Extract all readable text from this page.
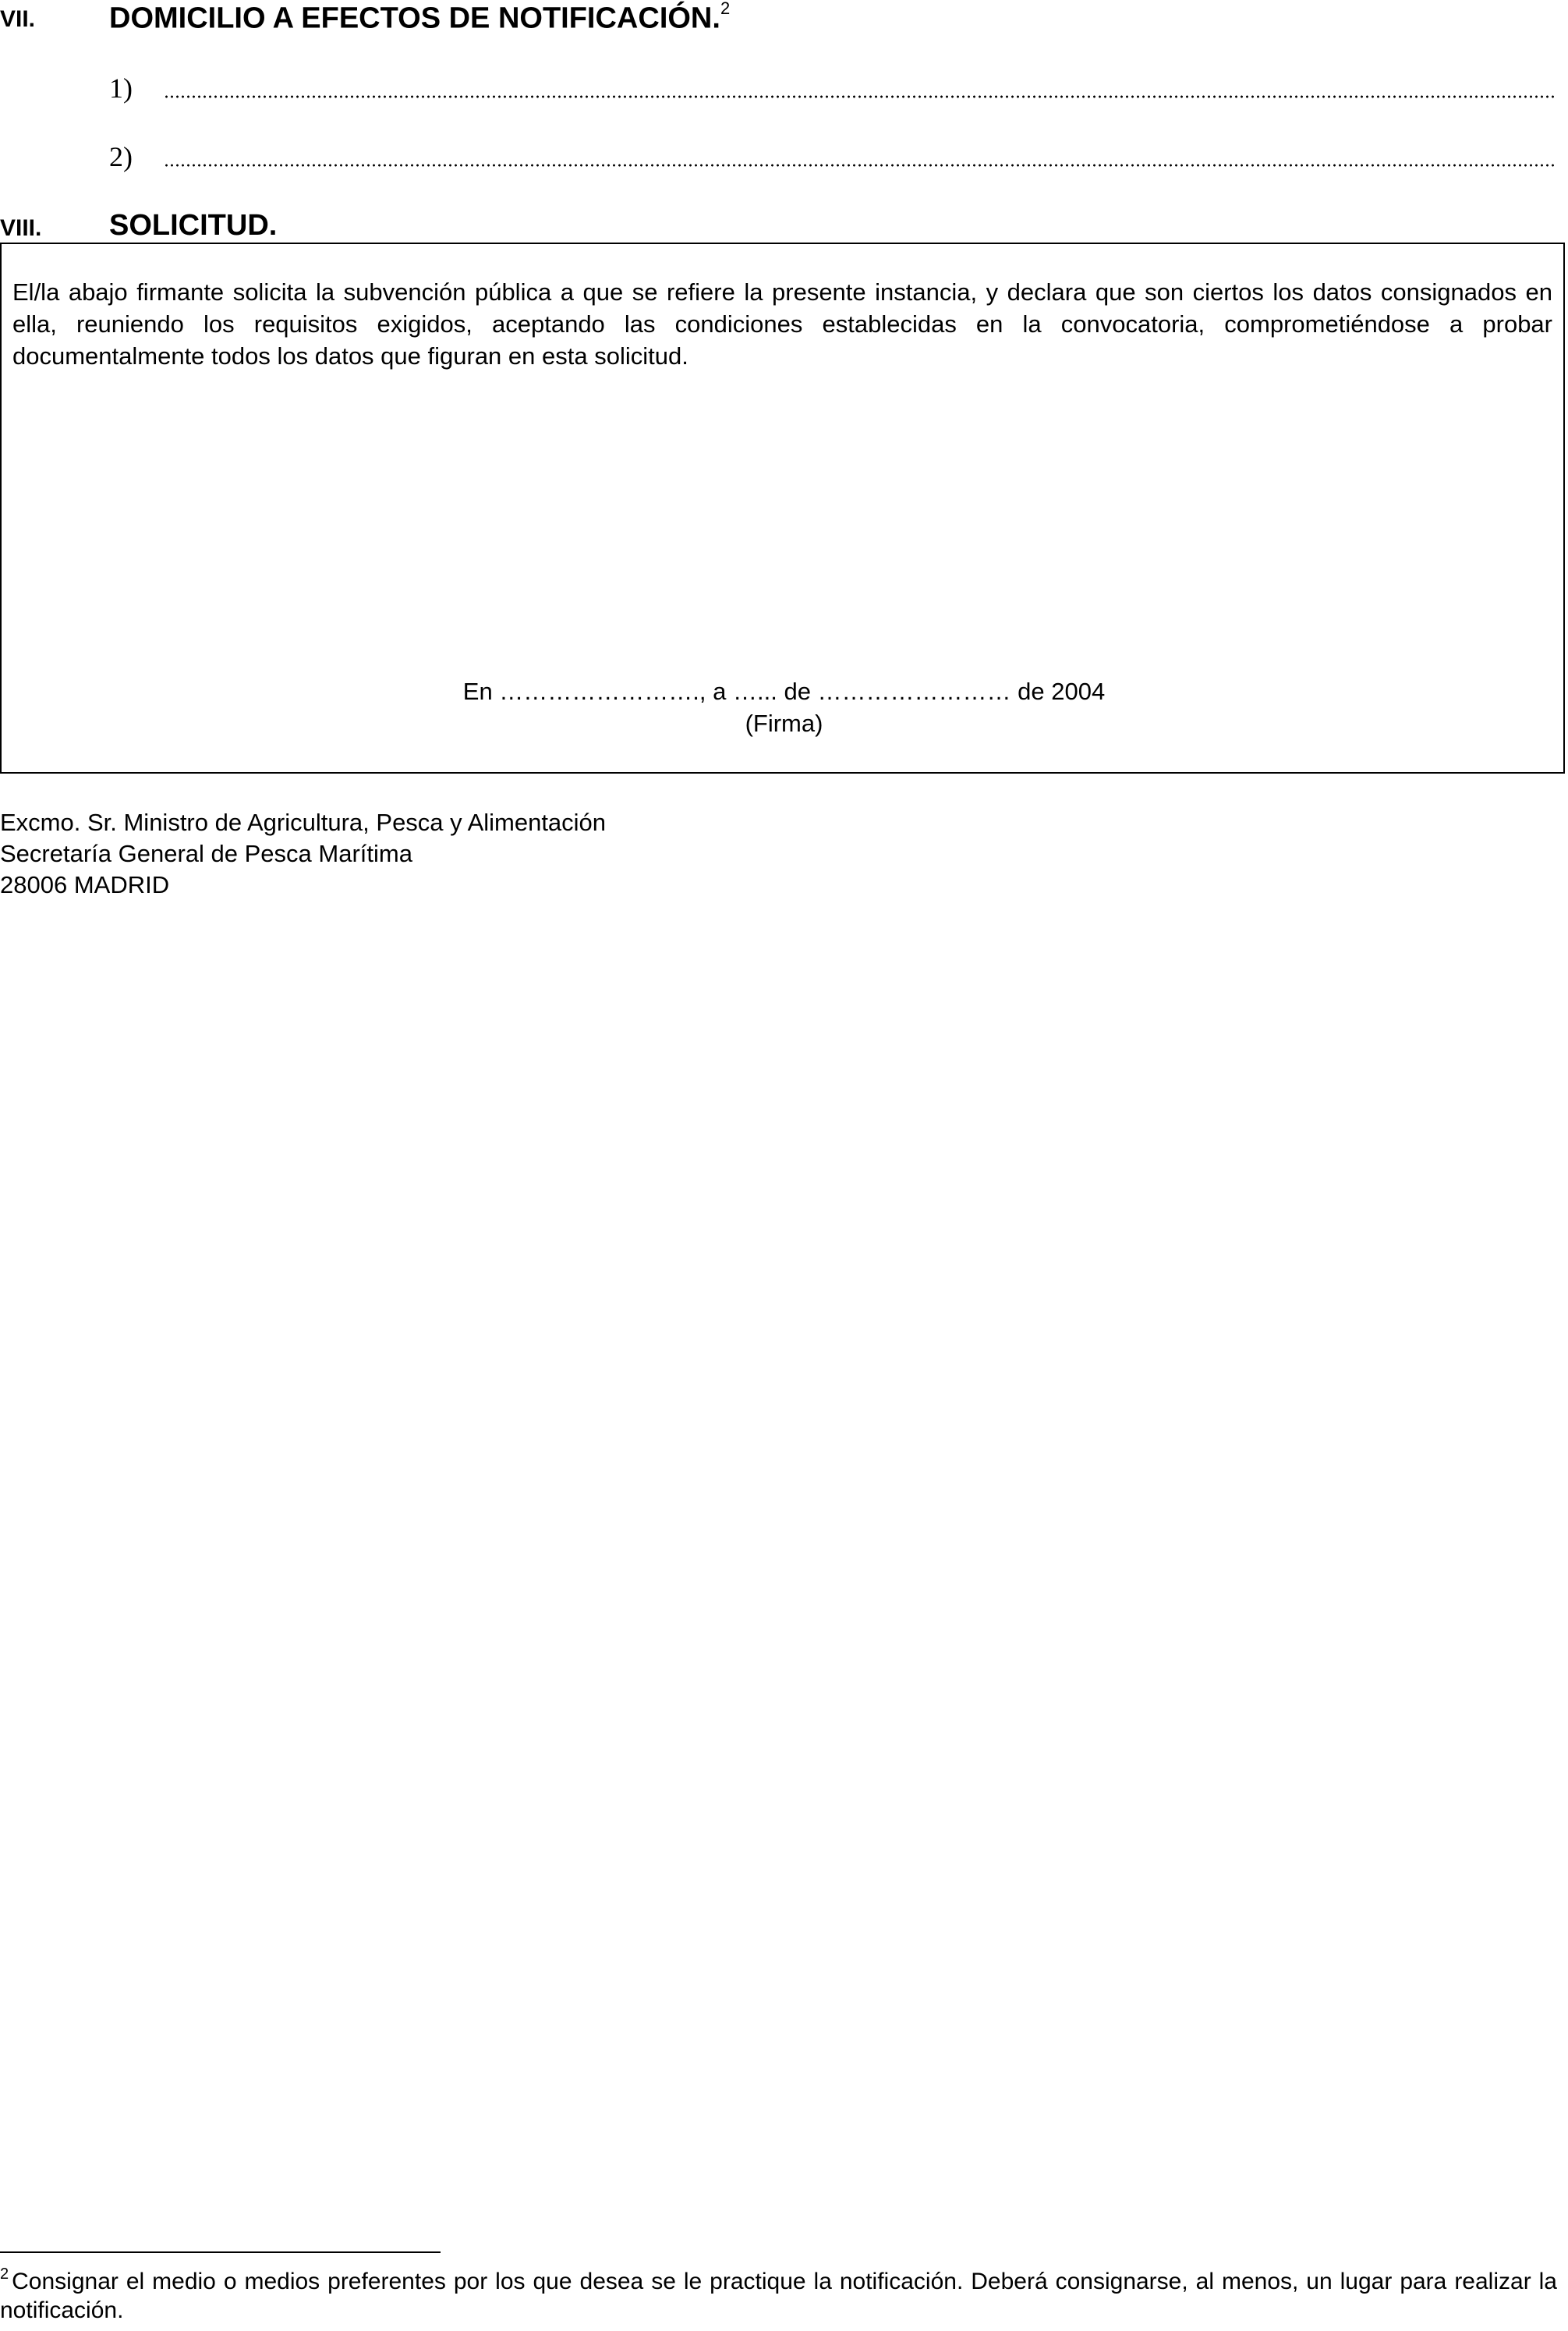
VII. DOMICILIO A EFECTOS DE NOTIFICACIÓN.$^2$
1)
2)
VIII. SOLICITUD.
El/la abajo firmante solicita la subvención pública a que se refiere la presente instancia, y declara que son ciertos los datos consignados en ella, reuniendo los requisitos exigidos, aceptando las condiciones establecidas en la convocatoria, comprometiéndose a probar documentalmente todos los datos que figuran en esta solicitud.
En ……………………., a …... de …………………… de 2004
(Firma)
Excmo. Sr. Ministro de Agricultura, Pesca y Alimentación
Secretaría General de Pesca Marítima
28006 MADRID
$^2$ Consignar el medio o medios preferentes por los que desea se le practique la notificación. Deberá consignarse, al menos, un lugar para realizar la notificación.
